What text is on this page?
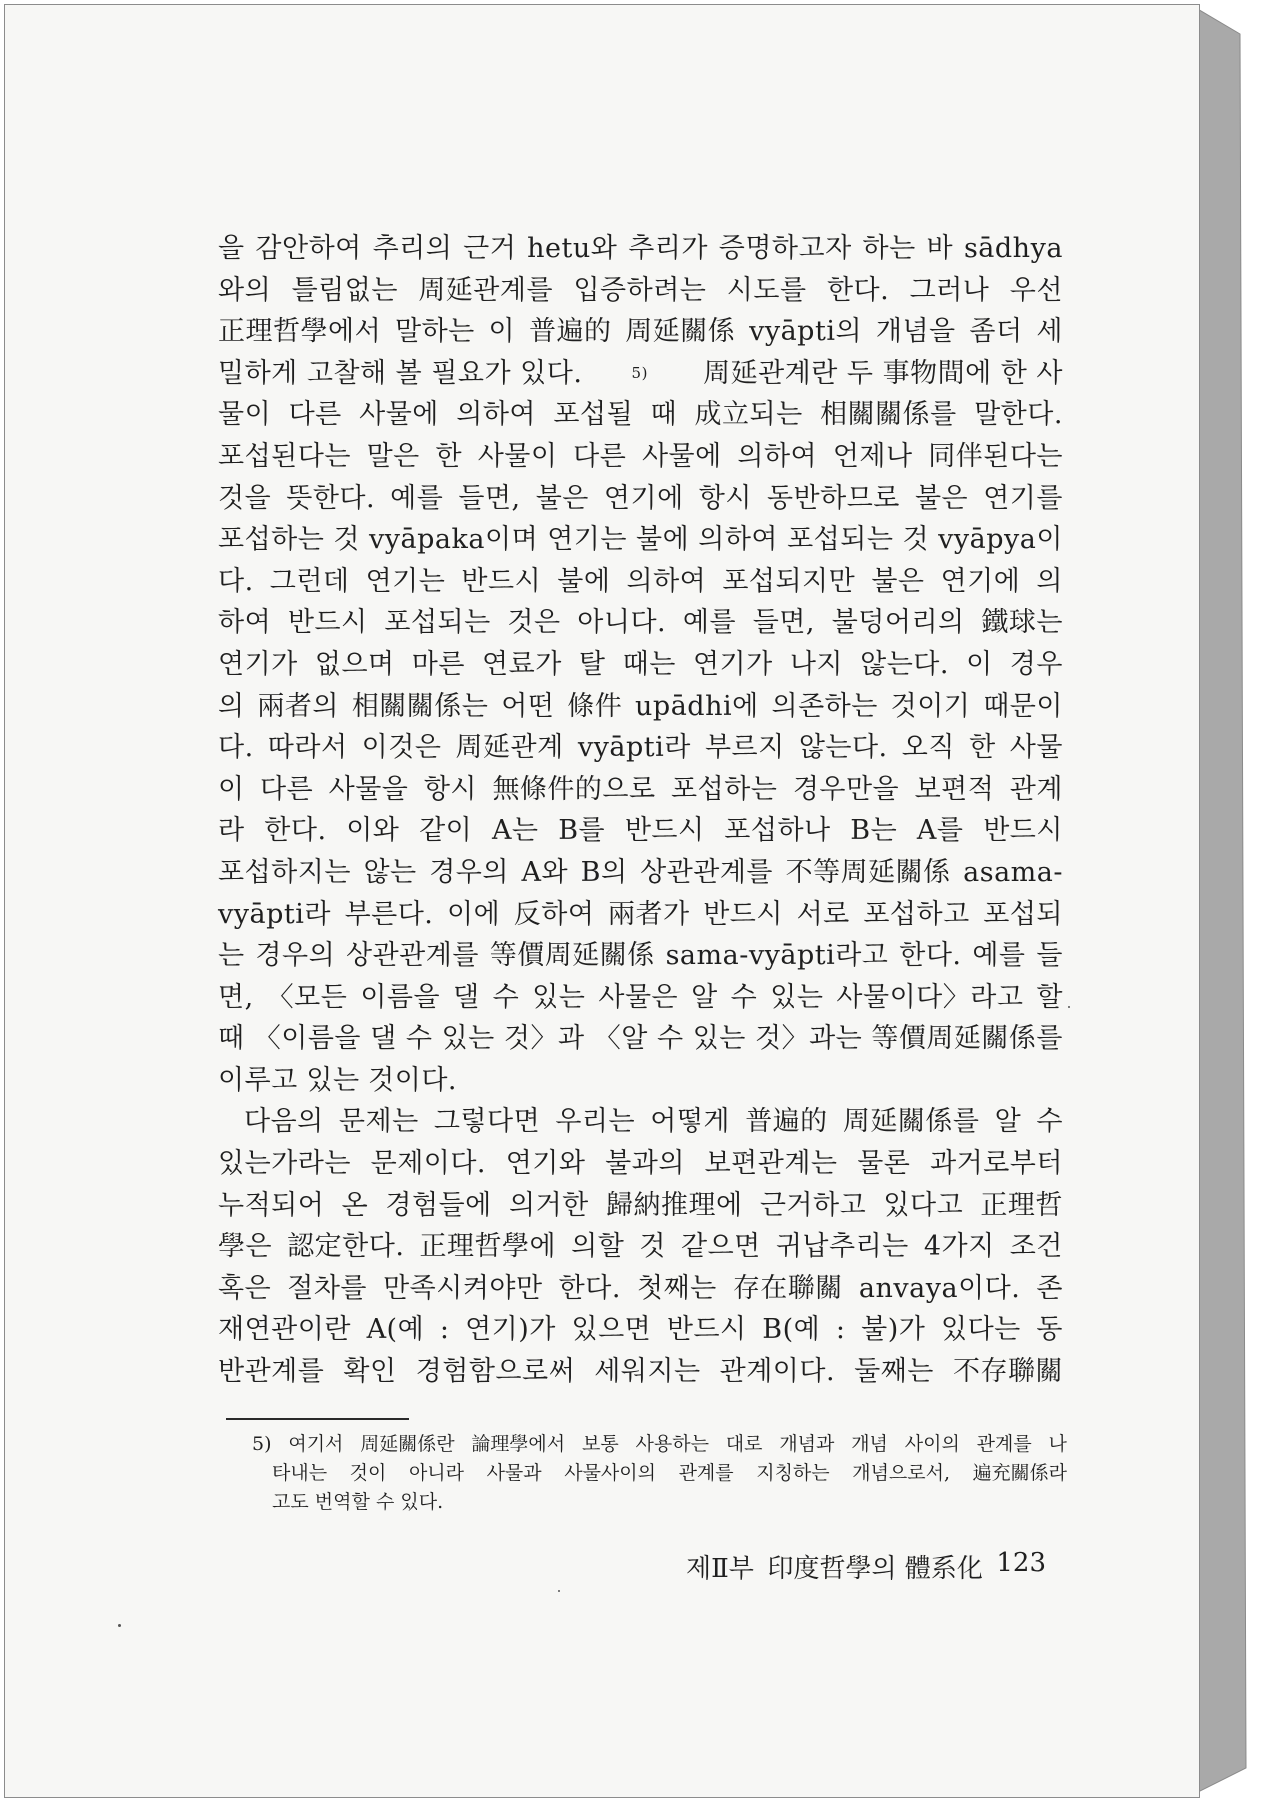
을 감안하여 추리의 근거 hetu와 추리가 증명하고자 하는 바 sādhya
와의 틀림없는 周延관계를 입증하려는 시도를 한다. 그러나 우선
正理哲學에서 말하는 이 普遍的 周延關係 vyāpti의 개념을 좀더 세
밀하게 고찰해 볼 필요가 있다.	5) 周延관계란 두 事物間에 한 사
물이 다른 사물에 의하여 포섭될 때 成立되는 相關關係를 말한다.
포섭된다는 말은 한 사물이 다른 사물에 의하여 언제나 同伴된다는
것을 뜻한다. 예를 들면, 불은 연기에 항시 동반하므로 불은 연기를
포섭하는 것 vyāpaka이며 연기는 불에 의하여 포섭되는 것 vyāpya이
다. 그런데 연기는 반드시 불에 의하여 포섭되지만 불은 연기에 의
하여 반드시 포섭되는 것은 아니다. 예를 들면, 불덩어리의 鐵球는
연기가 없으며 마른 연료가 탈 때는 연기가 나지 않는다. 이 경우
의 兩者의 相關關係는 어떤 條件 upādhi에 의존하는 것이기 때문이
다. 따라서 이것은 周延관계 vyāpti라 부르지 않는다. 오직 한 사물
이 다른 사물을 항시 無條件的으로 포섭하는 경우만을 보편적 관계
라 한다. 이와 같이 A는 B를 반드시 포섭하나 B는 A를 반드시
포섭하지는 않는 경우의 A와 B의 상관관계를 不等周延關係 asama-
vyāpti라 부른다. 이에 反하여 兩者가 반드시 서로 포섭하고 포섭되
는 경우의 상관관계를 等價周延關係 sama-vyāpti라고 한다. 예를 들
면, 〈모든 이름을 댈 수 있는 사물은 알 수 있는 사물이다〉라고 할
때 〈이름을 댈 수 있는 것〉과 〈알 수 있는 것〉과는 等價周延關係를
이루고 있는 것이다.
다음의 문제는 그렇다면 우리는 어떻게 普遍的 周延關係를 알 수
있는가라는 문제이다. 연기와 불과의 보편관계는 물론 과거로부터
누적되어 온 경험들에 의거한 歸納推理에 근거하고 있다고 正理哲
學은 認定한다. 正理哲學에 의할 것 같으면 귀납추리는 4가지 조건
혹은 절차를 만족시켜야만 한다. 첫째는 存在聯關 anvaya이다. 존
재연관이란 A(예 : 연기)가 있으면 반드시 B(예 : 불)가 있다는 동
반관계를 확인 경험함으로써 세워지는 관계이다. 둘째는 不存聯關
5) 여기서 周延關係란 論理學에서 보통 사용하는 대로 개념과 개념 사이의 관계를 나
타내는 것이 아니라 사물과 사물사이의 관계를 지칭하는 개념으로서, 遍充關係라
고도 번역할 수 있다.
제Ⅱ부 印度哲學의 體系化 123
